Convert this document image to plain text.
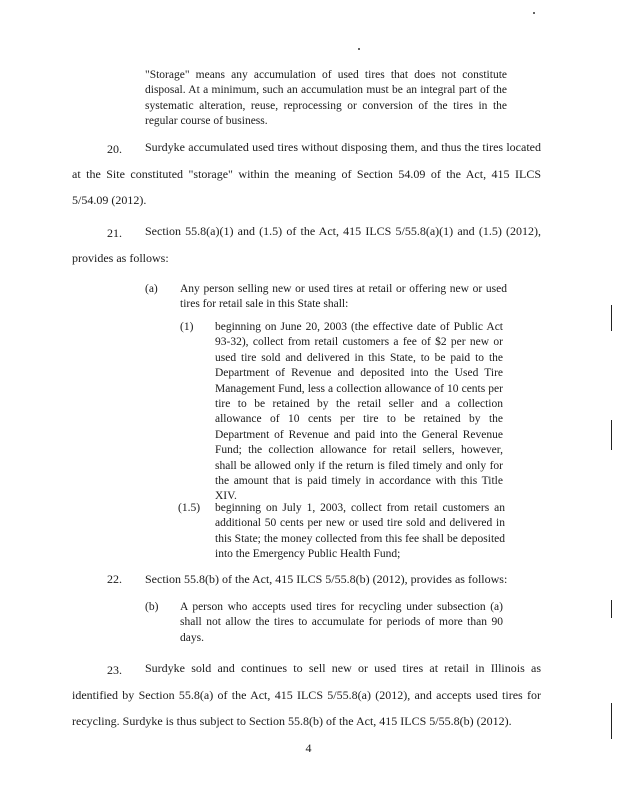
"Storage" means any accumulation of used tires that does not constitute disposal. At a minimum, such an accumulation must be an integral part of the systematic alteration, reuse, reprocessing or conversion of the tires in the regular course of business.
20. Surdyke accumulated used tires without disposing them, and thus the tires located
at the Site constituted "storage" within the meaning of Section 54.09 of the Act, 415 ILCS 5/54.09 (2012).
21. Section 55.8(a)(1) and (1.5) of the Act, 415 ILCS 5/55.8(a)(1) and (1.5) (2012),
provides as follows:
(a) Any person selling new or used tires at retail or offering new or used tires for retail sale in this State shall:
(1) beginning on June 20, 2003 (the effective date of Public Act 93-32), collect from retail customers a fee of $2 per new or used tire sold and delivered in this State, to be paid to the Department of Revenue and deposited into the Used Tire Management Fund, less a collection allowance of 10 cents per tire to be retained by the retail seller and a collection allowance of 10 cents per tire to be retained by the Department of Revenue and paid into the General Revenue Fund; the collection allowance for retail sellers, however, shall be allowed only if the return is filed timely and only for the amount that is paid timely in accordance with this Title XIV.
(1.5) beginning on July 1, 2003, collect from retail customers an additional 50 cents per new or used tire sold and delivered in this State; the money collected from this fee shall be deposited into the Emergency Public Health Fund;
22. Section 55.8(b) of the Act, 415 ILCS 5/55.8(b) (2012), provides as follows:
(b) A person who accepts used tires for recycling under subsection (a) shall not allow the tires to accumulate for periods of more than 90 days.
23. Surdyke sold and continues to sell new or used tires at retail in Illinois as
identified by Section 55.8(a) of the Act, 415 ILCS 5/55.8(a) (2012), and accepts used tires for recycling. Surdyke is thus subject to Section 55.8(b) of the Act, 415 ILCS 5/55.8(b) (2012).
4
